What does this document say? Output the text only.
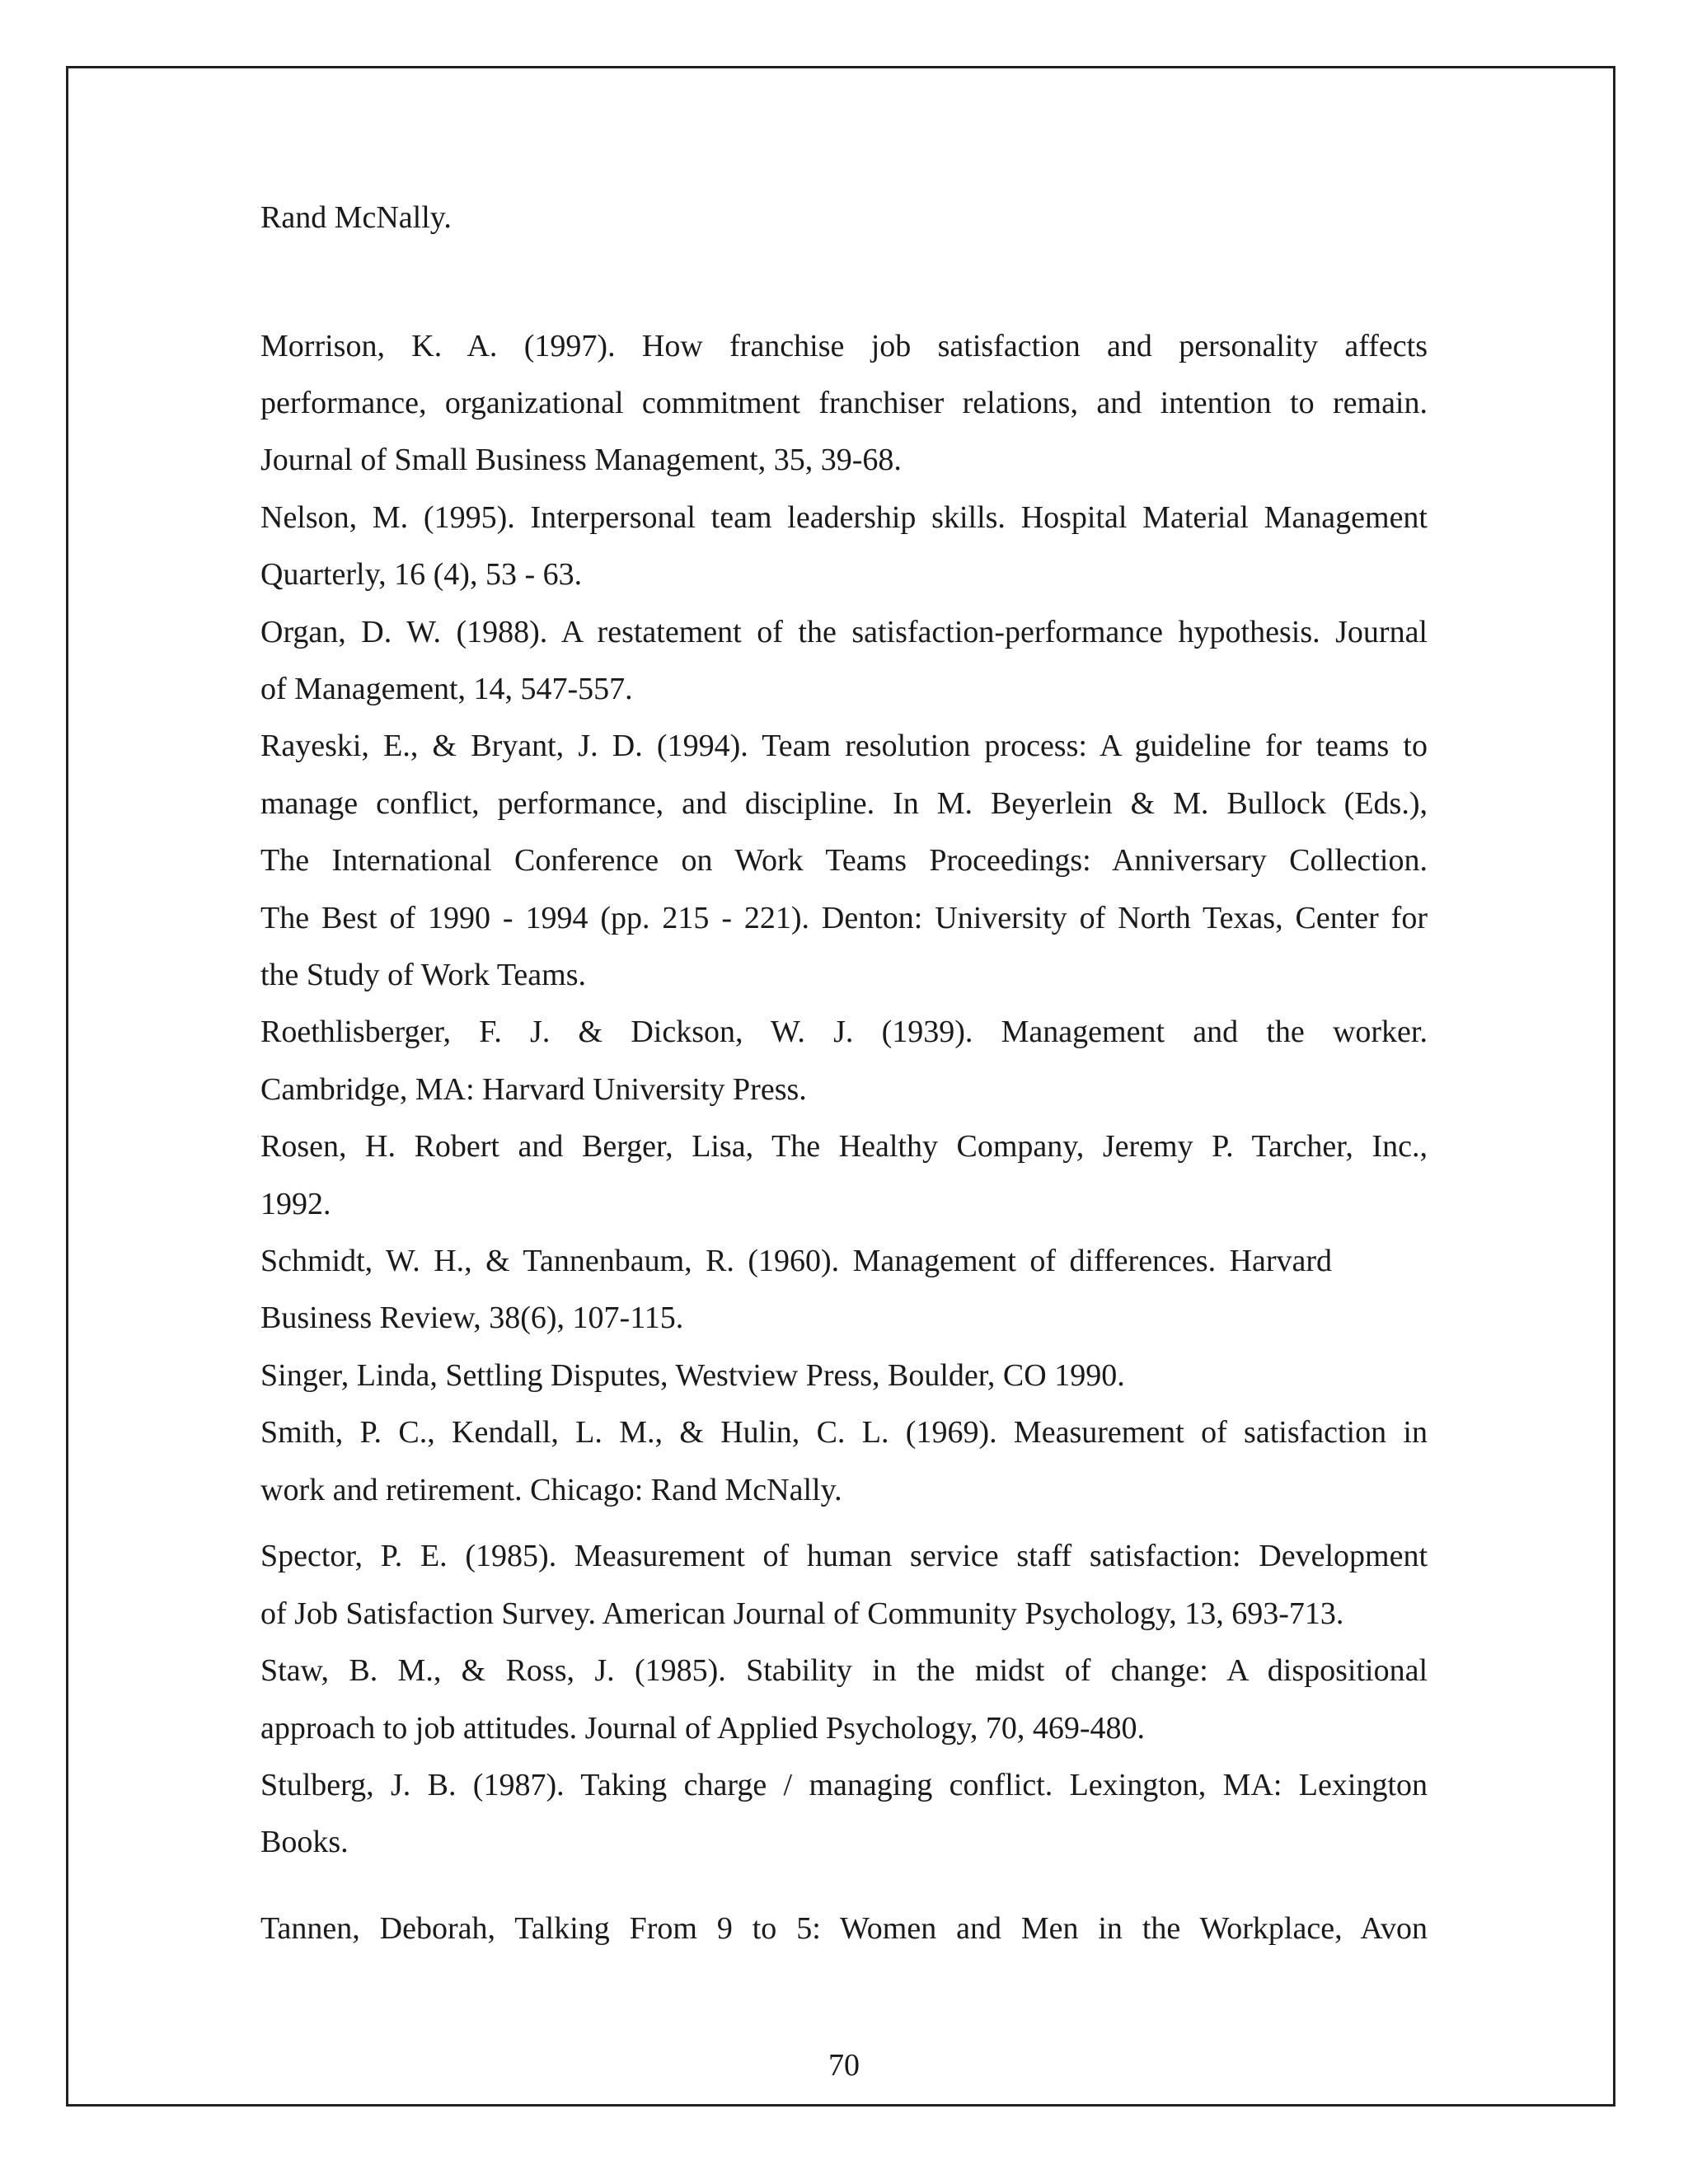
Rand McNally.
Morrison, K. A. (1997). How franchise job satisfaction and personality affects
performance, organizational commitment franchiser relations, and intention to remain.
Journal of Small Business Management, 35, 39-68.
Nelson, M. (1995). Interpersonal team leadership skills. Hospital Material Management
Quarterly, 16 (4), 53 - 63.
Organ, D. W. (1988). A restatement of the satisfaction-performance hypothesis. Journal
of Management, 14, 547-557.
Rayeski, E., & Bryant, J. D. (1994). Team resolution process: A guideline for teams to
manage conflict, performance, and discipline. In M. Beyerlein & M. Bullock (Eds.),
The International Conference on Work Teams Proceedings: Anniversary Collection.
The Best of 1990 - 1994 (pp. 215 - 221). Denton: University of North Texas, Center for
the Study of Work Teams.
Roethlisberger, F. J. & Dickson, W. J. (1939). Management and the worker.
Cambridge, MA: Harvard University Press.
Rosen, H. Robert and Berger, Lisa, The Healthy Company, Jeremy P. Tarcher, Inc.,
1992.
Schmidt, W. H., & Tannenbaum, R. (1960). Management of differences. Harvard
Business Review, 38(6), 107-115.
Singer, Linda, Settling Disputes, Westview Press, Boulder, CO 1990.
Smith, P. C., Kendall, L. M., & Hulin, C. L. (1969). Measurement of satisfaction in
work and retirement. Chicago: Rand McNally.
Spector, P. E. (1985). Measurement of human service staff satisfaction: Development
of Job Satisfaction Survey. American Journal of Community Psychology, 13, 693-713.
Staw, B. M., & Ross, J. (1985). Stability in the midst of change: A dispositional
approach to job attitudes. Journal of Applied Psychology, 70, 469-480.
Stulberg, J. B. (1987). Taking charge / managing conflict. Lexington, MA: Lexington
Books.
Tannen, Deborah, Talking From 9 to 5: Women and Men in the Workplace, Avon
70
